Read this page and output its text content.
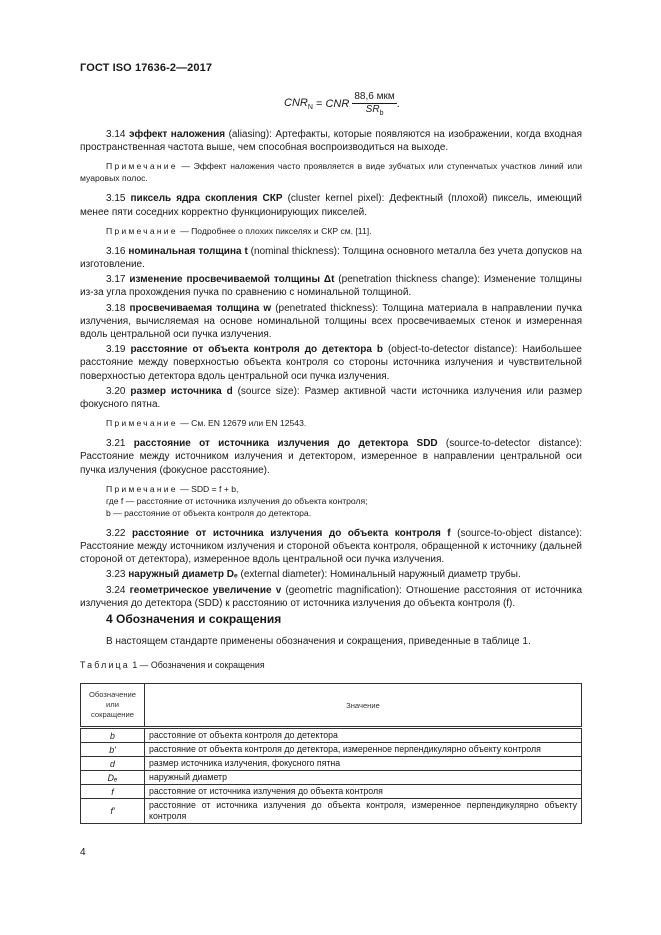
ГОСТ ISO 17636-2—2017
$CNR_N$ = CNR $\frac{\text{88,6 мкм}}{SR_b}$ .

3.14 эффект наложения (aliasing): Артефакты, которые появляются на изображении, когда входная пространственная частота выше, чем способная воспроизводиться на выходе.

Примечание — Эффект наложения часто проявляется в виде зубчатых или ступенчатых участков линий или муаровых полос.

3.15 пиксель ядра скопления СКР (cluster kernel pixel): Дефектный (плохой) пиксель, имеющий менее пяти соседних корректно функционирующих пикселей.

Примечание — Подробнее о плохих пикселях и СКР см. [11].

3.16 номинальная толщина t (nominal thickness): Толщина основного металла без учета допусков на изготовление.

3.17 изменение просвечиваемой толщины Δt (penetration thickness change): Изменение толщины из-за угла прохождения пучка по сравнению с номинальной толщиной.

3.18 просвечиваемая толщина w (penetrated thickness): Толщина материала в направлении пучка излучения, вычисляемая на основе номинальной толщины всех просвечиваемых стенок и измеренная вдоль центральной оси пучка излучения.

3.19 расстояние от объекта контроля до детектора b (object-to-detector distance): Наибольшее расстояние между поверхностью объекта контроля со стороны источника излучения и чувствительной поверхностью детектора вдоль центральной оси пучка излучения.

3.20 размер источника d (source size): Размер активной части источника излучения или размер фокусного пятна.

Примечание — См. EN 12679 или EN 12543.

3.21 расстояние от источника излучения до детектора SDD (source-to-detector distance): Расстояние между источником излучения и детектором, измеренное в направлении центральной оси пучка излучения (фокусное расстояние).

Примечание — SDD = f + b,

где f — расстояние от источника излучения до объекта контроля;

b — расстояние от объекта контроля до детектора.

3.22 расстояние от источника излучения до объекта контроля f (source-to-object distance): Расстояние между источником излучения и стороной объекта контроля, обращенной к источнику (дальней стороной от детектора), измеренное вдоль центральной оси пучка излучения.

3.23 наружный диаметр Dₑ (external diameter): Номинальный наружный диаметр трубы.

3.24 геометрическое увеличение v (geometric magnification): Отношение расстояния от источника излучения до детектора (SDD) к расстоянию от источника излучения до объекта контроля (f).

4 Обозначения и сокращения
В настоящем стандарте применены обозначения и сокращения, приведенные в таблице 1.
Таблица 1 — Обозначения и сокращения
Обозначение или сокращение	Значение
b	расстояние от объекта контроля до детектора
b'	расстояние от объекта контроля до детектора, измеренное перпендикулярно объекту контроля
d	размер источника излучения, фокусного пятна
Dₑ	наружный диаметр
f	расстояние от источника излучения до объекта контроля
f'	расстояние от источника излучения до объекта контроля, измеренное перпендикулярно объекту контроля
4
